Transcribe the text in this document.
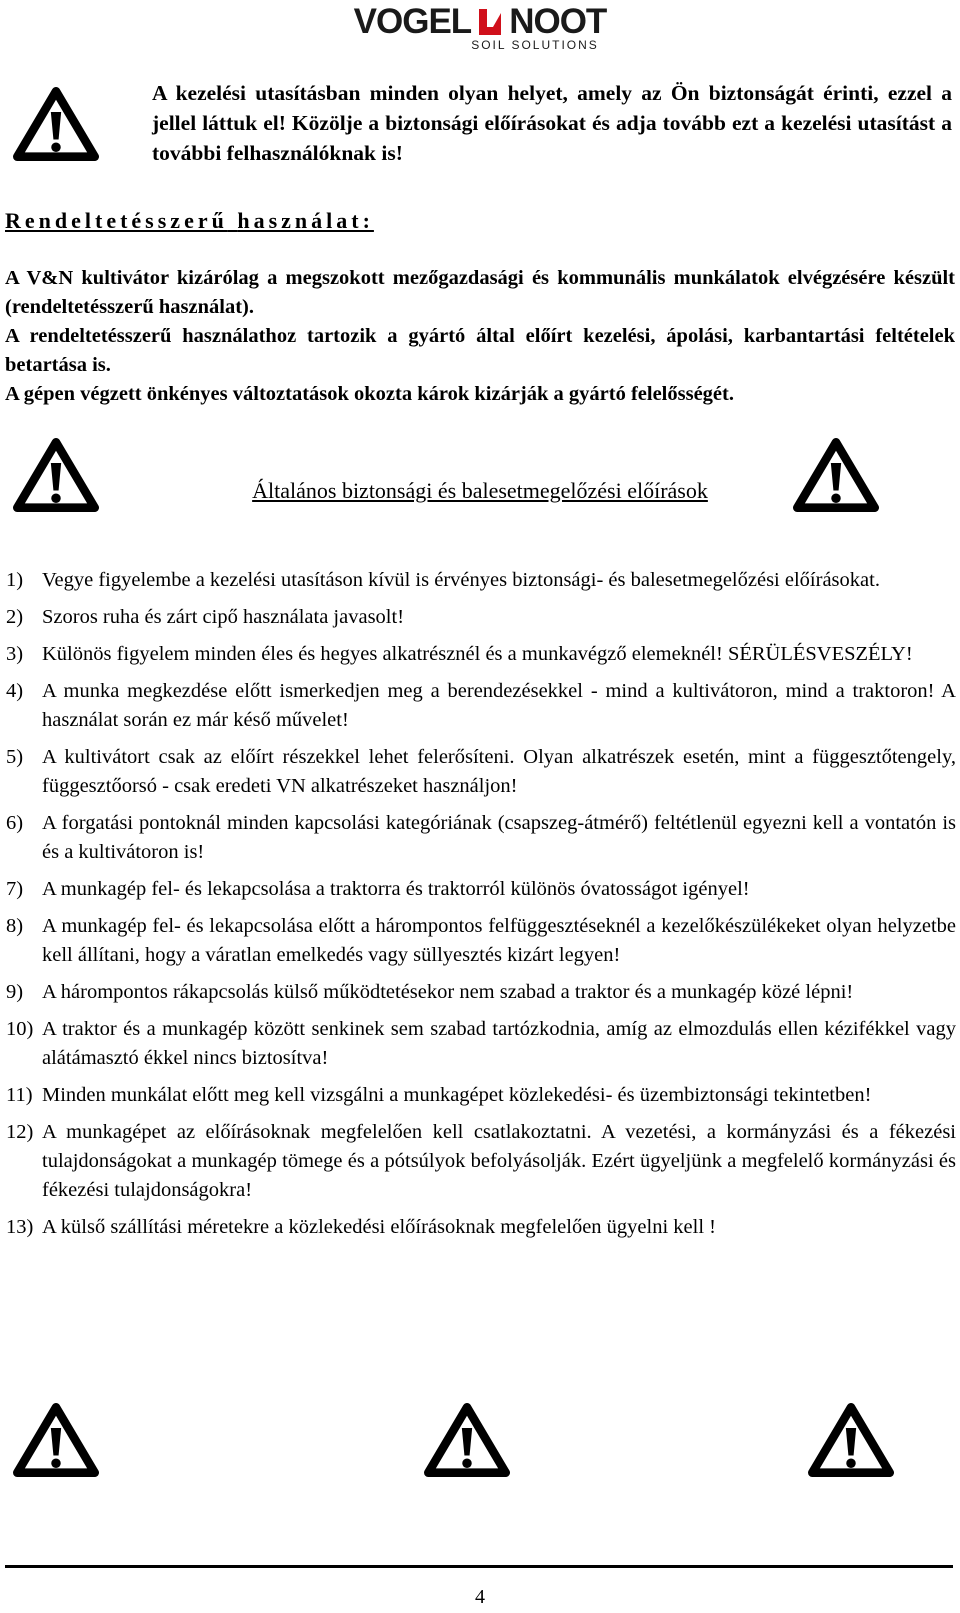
VOGEL NOOT
SOIL SOLUTIONS
A kezelési utasításban minden olyan helyet, amely az Ön biztonságát érinti, ezzel a jellel láttuk el! Közölje a biztonsági előírásokat és adja tovább ezt a kezelési utasítást a további felhasználóknak is!
Rendeltetésszerű használat:

A V&N kultivátor kizárólag a megszokott mezőgazdasági és kommunális munkálatok elvégzésére készült (rendeltetésszerű használat).

A rendeltetésszerű használathoz tartozik a gyártó által előírt kezelési, ápolási, karbantartási feltételek betartása is.

A gépen végzett önkényes változtatások okozta károk kizárják a gyártó felelősségét.

Általános biztonsági és balesetmegelőzési előírások
1) Vegye figyelembe a kezelési utasításon kívül is érvényes biztonsági- és balesetmegelőzési előírásokat.
2) Szoros ruha és zárt cipő használata javasolt!
3) Különös figyelem minden éles és hegyes alkatrésznél és a munkavégző elemeknél! SÉRÜLÉSVESZÉLY!
4) A munka megkezdése előtt ismerkedjen meg a berendezésekkel - mind a kultivátoron, mind a traktoron! A használat során ez már késő művelet!
5) A kultivátort csak az előírt részekkel lehet felerősíteni. Olyan alkatrészek esetén, mint a függesztőtengely, függesztőorsó - csak eredeti VN alkatrészeket használjon!
6) A forgatási pontoknál minden kapcsolási kategóriának (csapszeg-átmérő) feltétlenül egyezni kell a vontatón is és a kultivátoron is!
7) A munkagép fel- és lekapcsolása a traktorra és traktorról különös óvatosságot igényel!
8) A munkagép fel- és lekapcsolása előtt a hárompontos felfüggesztéseknél a kezelőkészülékeket olyan helyzetbe kell állítani, hogy a váratlan emelkedés vagy süllyesztés kizárt legyen!
9) A hárompontos rákapcsolás külső működtetésekor nem szabad a traktor és a munkagép közé lépni!
10) A traktor és a munkagép között senkinek sem szabad tartózkodnia, amíg az elmozdulás ellen kézifékkel vagy alátámasztó ékkel nincs biztosítva!
11) Minden munkálat előtt meg kell vizsgálni a munkagépet közlekedési- és üzembiztonsági tekintetben!
12) A munkagépet az előírásoknak megfelelően kell csatlakoztatni. A vezetési, a kormányzási és a fékezési tulajdonságokat a munkagép tömege és a pótsúlyok befolyásolják. Ezért ügyeljünk a megfelelő kormányzási és fékezési tulajdonságokra!
13) A külső szállítási méretekre a közlekedési előírásoknak megfelelően ügyelni kell !
4
